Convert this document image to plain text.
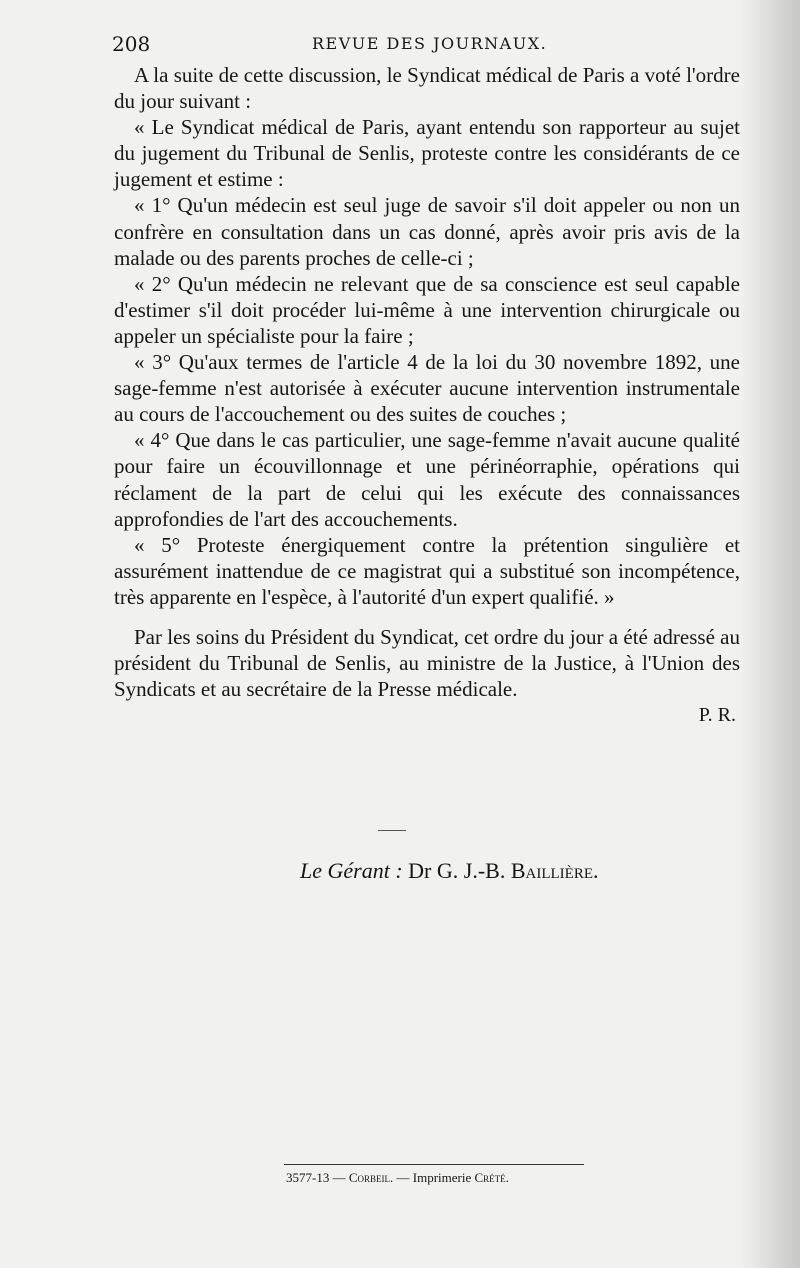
208	REVUE DES JOURNAUX.

A la suite de cette discussion, le Syndicat médical de Paris a voté l'ordre du jour suivant :

« Le Syndicat médical de Paris, ayant entendu son rapporteur au sujet du jugement du Tribunal de Senlis, proteste contre les considérants de ce jugement et estime :

« 1° Qu'un médecin est seul juge de savoir s'il doit appeler ou non un confrère en consultation dans un cas donné, après avoir pris avis de la malade ou des parents proches de celle-ci ;

« 2° Qu'un médecin ne relevant que de sa conscience est seul capable d'estimer s'il doit procéder lui-même à une intervention chirurgicale ou appeler un spécialiste pour la faire ;

« 3° Qu'aux termes de l'article 4 de la loi du 30 novembre 1892, une sage-femme n'est autorisée à exécuter aucune intervention instrumentale au cours de l'accouchement ou des suites de couches ;

« 4° Que dans le cas particulier, une sage-femme n'avait aucune qualité pour faire un écouvillonnage et une périnéorraphie, opérations qui réclament de la part de celui qui les exécute des connaissances approfondies de l'art des accouchements.

« 5° Proteste énergiquement contre la prétention singulière et assurément inattendue de ce magistrat qui a substitué son incompétence, très apparente en l'espèce, à l'autorité d'un expert qualifié. »

Par les soins du Président du Syndicat, cet ordre du jour a été adressé au président du Tribunal de Senlis, au ministre de la Justice, à l'Union des Syndicats et au secrétaire de la Presse médicale.

P. R.
Le Gérant : Dr G. J.-B. Baillière.
3577-13 — Corbeil. — Imprimerie Crété.
